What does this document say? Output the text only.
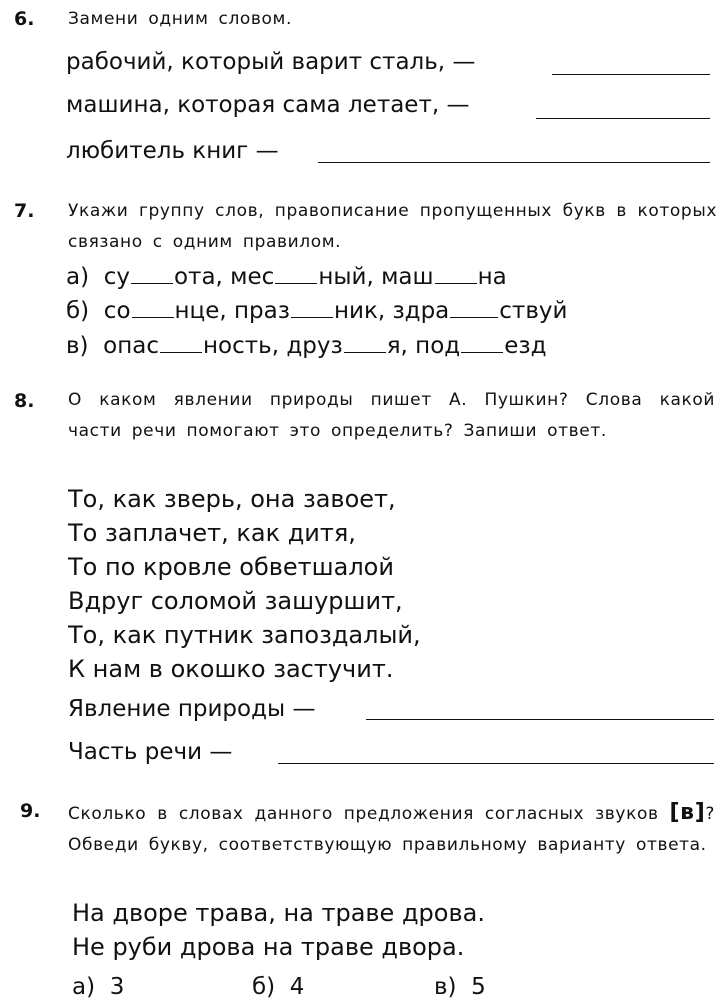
6. Замени одним словом.
рабочий, который варит сталь, —
машина, которая сама летает, —
любитель книг —
7. Укажи группу слов, правописание пропущенных букв в которых связано с одним правилом.
а) су ота, мес ный, маш на
б) со нце, праз ник, здра ствуй
в) опас ность, друз я, под езд
8. О каком явлении природы пишет А. Пушкин? Слова какой части речи помогают это определить? Запиши ответ.
То, как зверь, она завоет,
То заплачет, как дитя,
То по кровле обветшалой
Вдруг соломой зашуршит,
То, как путник запоздалый,
К нам в окошко застучит.
Явление природы —
Часть речи —
9. Сколько в словах данного предложения согласных звуков [в]? Обведи букву, соответствующую правильному варианту ответа.
На дворе трава, на траве дрова.
Не руби дрова на траве двора.
а) 3	б) 4	в) 5
